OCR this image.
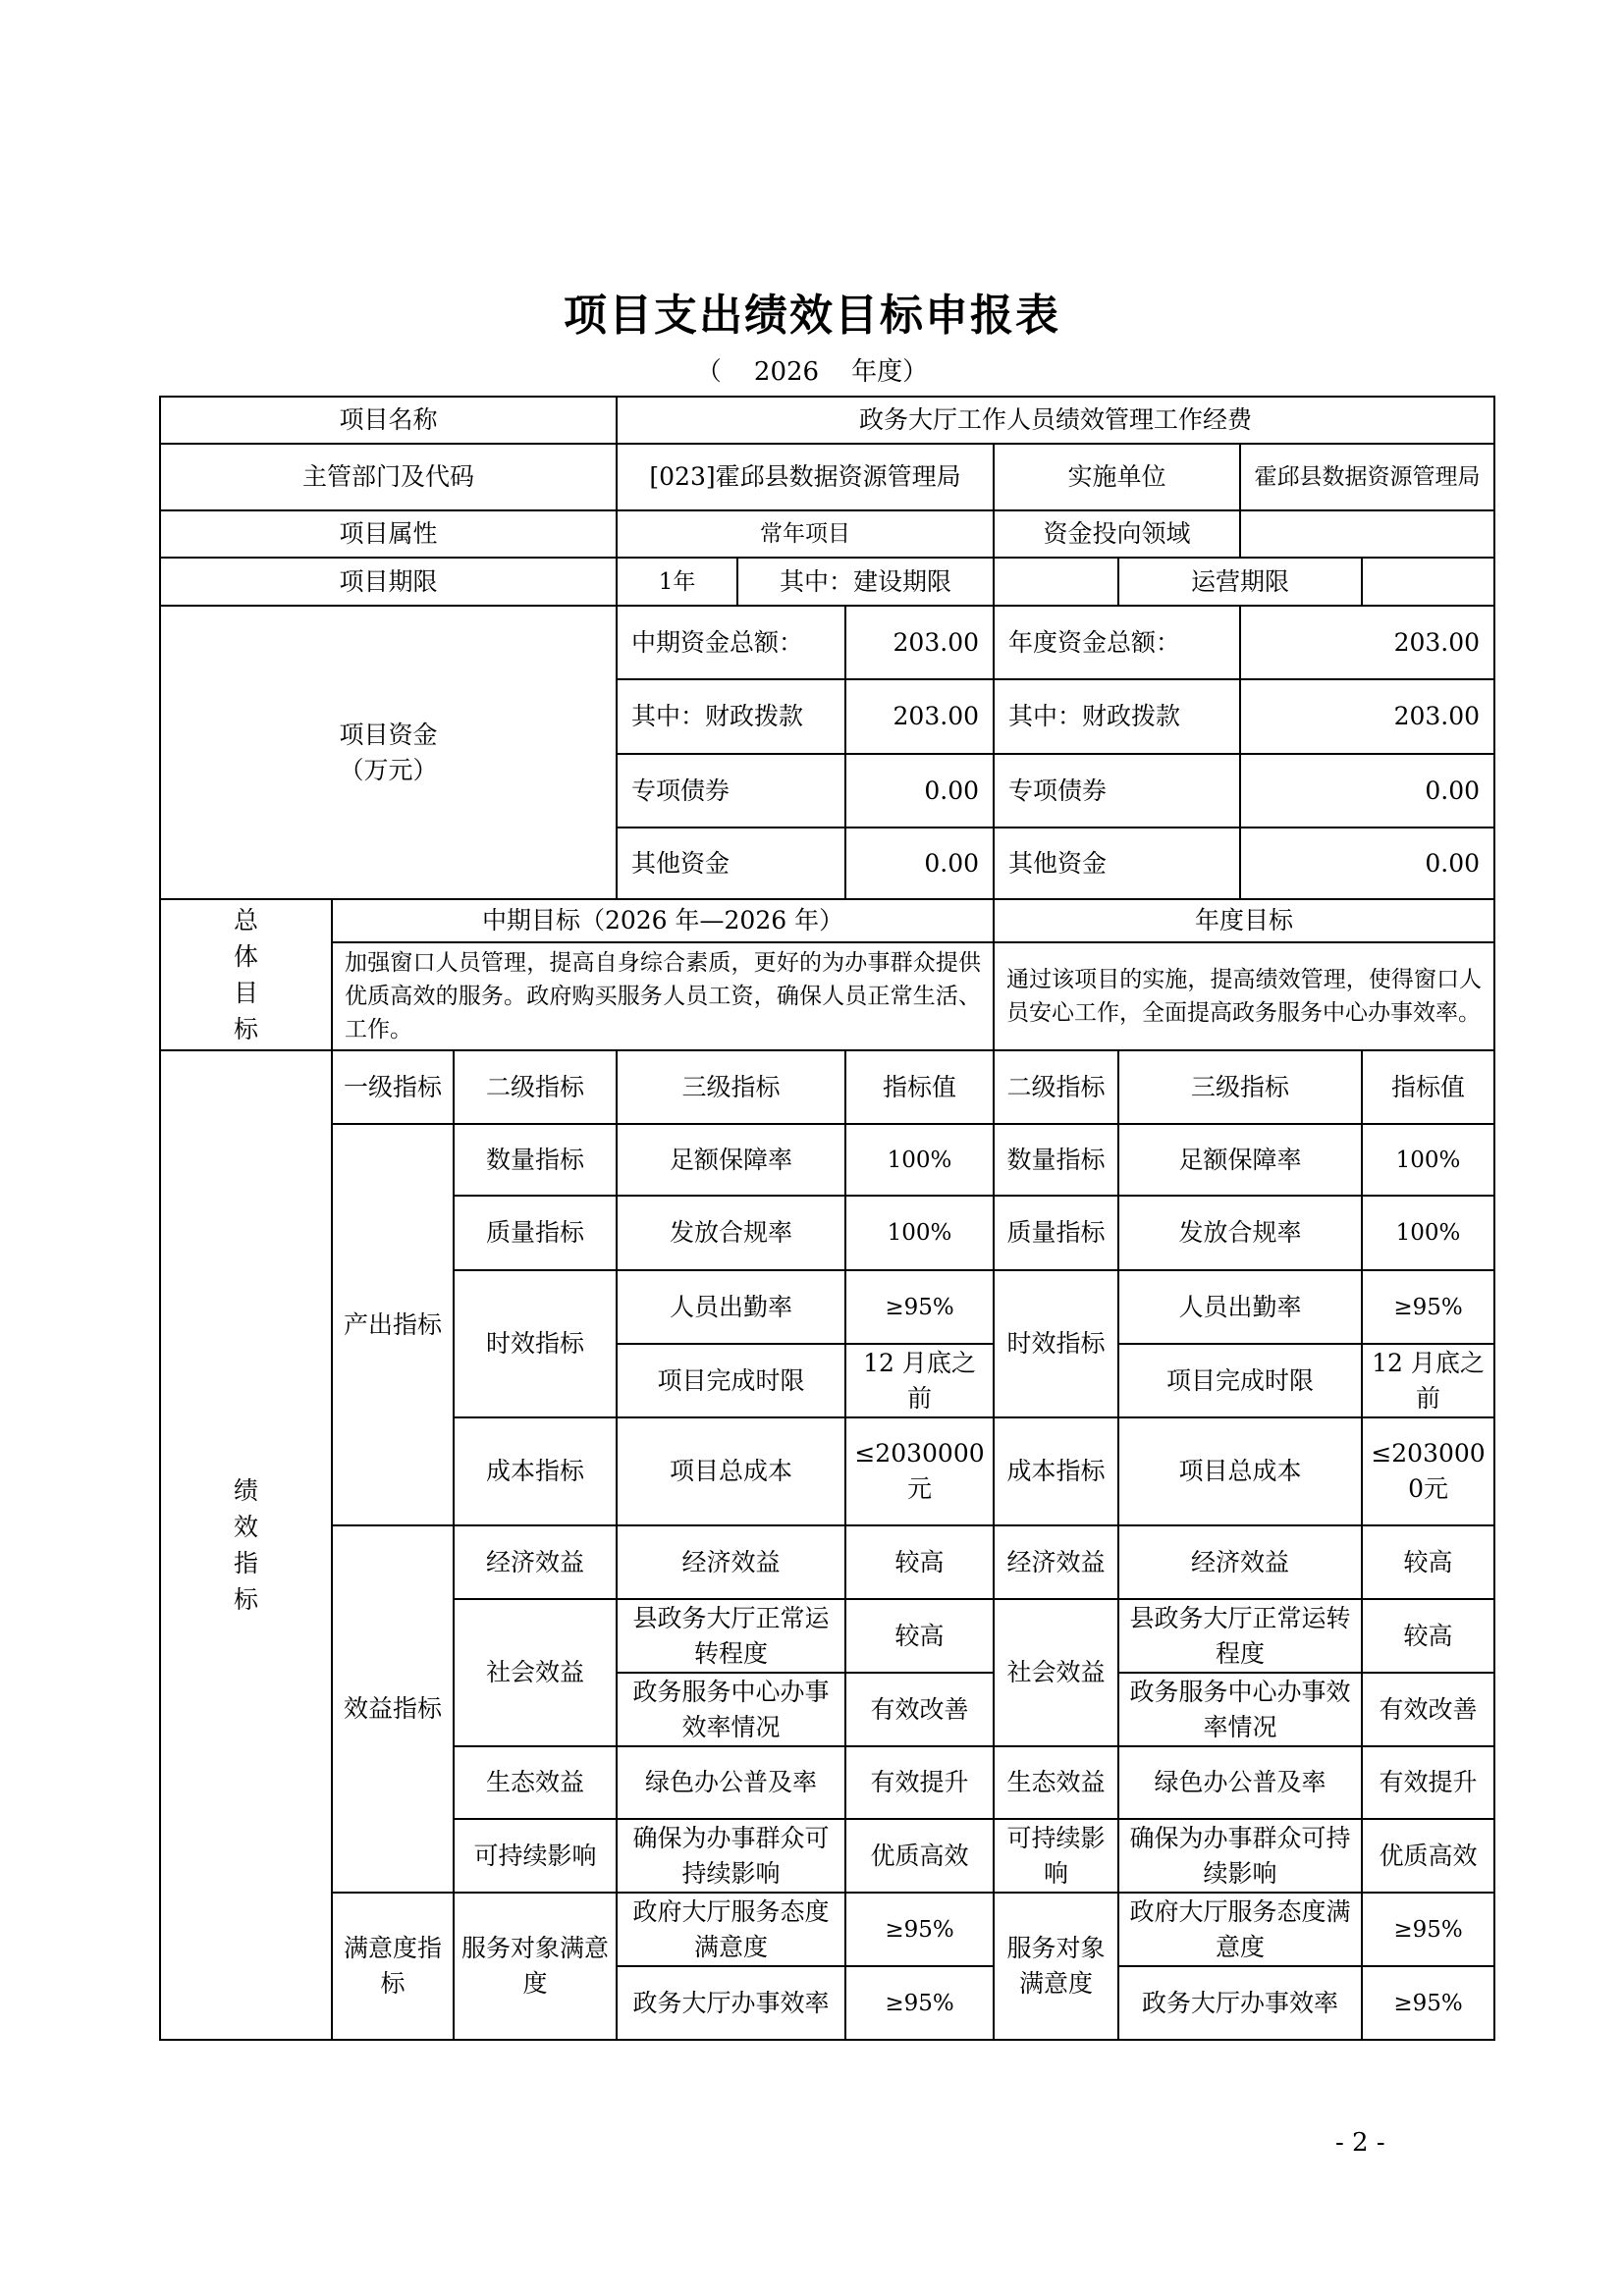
项目支出绩效目标申报表
（    2026    年度）
项目名称			政务大厅工作人员绩效管理工作经费						
主管部门及代码			[023]霍邱县数据资源管理局			实施单位		霍邱县数据资源管理局	
项目属性			常年项目			资金投向领域			
项目期限			1年	其中：建设期限			运营期限		
项目资金
（万元）			中期资金总额：		203.00	年度资金总额：		203.00	
			其中：财政拨款		203.00	其中：财政拨款		203.00	
			专项债券		0.00	专项债券		0.00	
			其他资金		0.00	其他资金		0.00	
总体目标	中期目标（2026 年—2026 年）					年度目标			
	加强窗口人员管理，提高自身综合素质，更好的为办事群众提供优质高效的服务。政府购买服务人员工资，确保人员正常生活、工作。					通过该项目的实施，提高绩效管理，使得窗口人员安心工作，全面提高政务服务中心办事效率。			
绩效指标	一级指标	二级指标	三级指标		指标值	二级指标	三级指标		指标值
	产出指标	数量指标	足额保障率		100%	数量指标	足额保障率		100%
		质量指标	发放合规率		100%	质量指标	发放合规率		100%
		时效指标	人员出勤率		≥95%	时效指标	人员出勤率		≥95%
			项目完成时限		12 月底之前		项目完成时限		12 月底之前
		成本指标	项目总成本		≤2030000元	成本指标	项目总成本		≤2030000元
	效益指标	经济效益	经济效益		较高	经济效益	经济效益		较高
		社会效益	县政务大厅正常运转程度		较高	社会效益	县政务大厅正常运转程度		较高
			政务服务中心办事效率情况		有效改善		政务服务中心办事效率情况		有效改善
		生态效益	绿色办公普及率		有效提升	生态效益	绿色办公普及率		有效提升
		可持续影响	确保为办事群众可持续影响		优质高效	可持续影响	确保为办事群众可持续影响		优质高效
	满意度指标	服务对象满意度	政府大厅服务态度满意度		≥95%	服务对象满意度	政府大厅服务态度满意度		≥95%
			政务大厅办事效率		≥95%		政务大厅办事效率		≥95%
- 2 -
